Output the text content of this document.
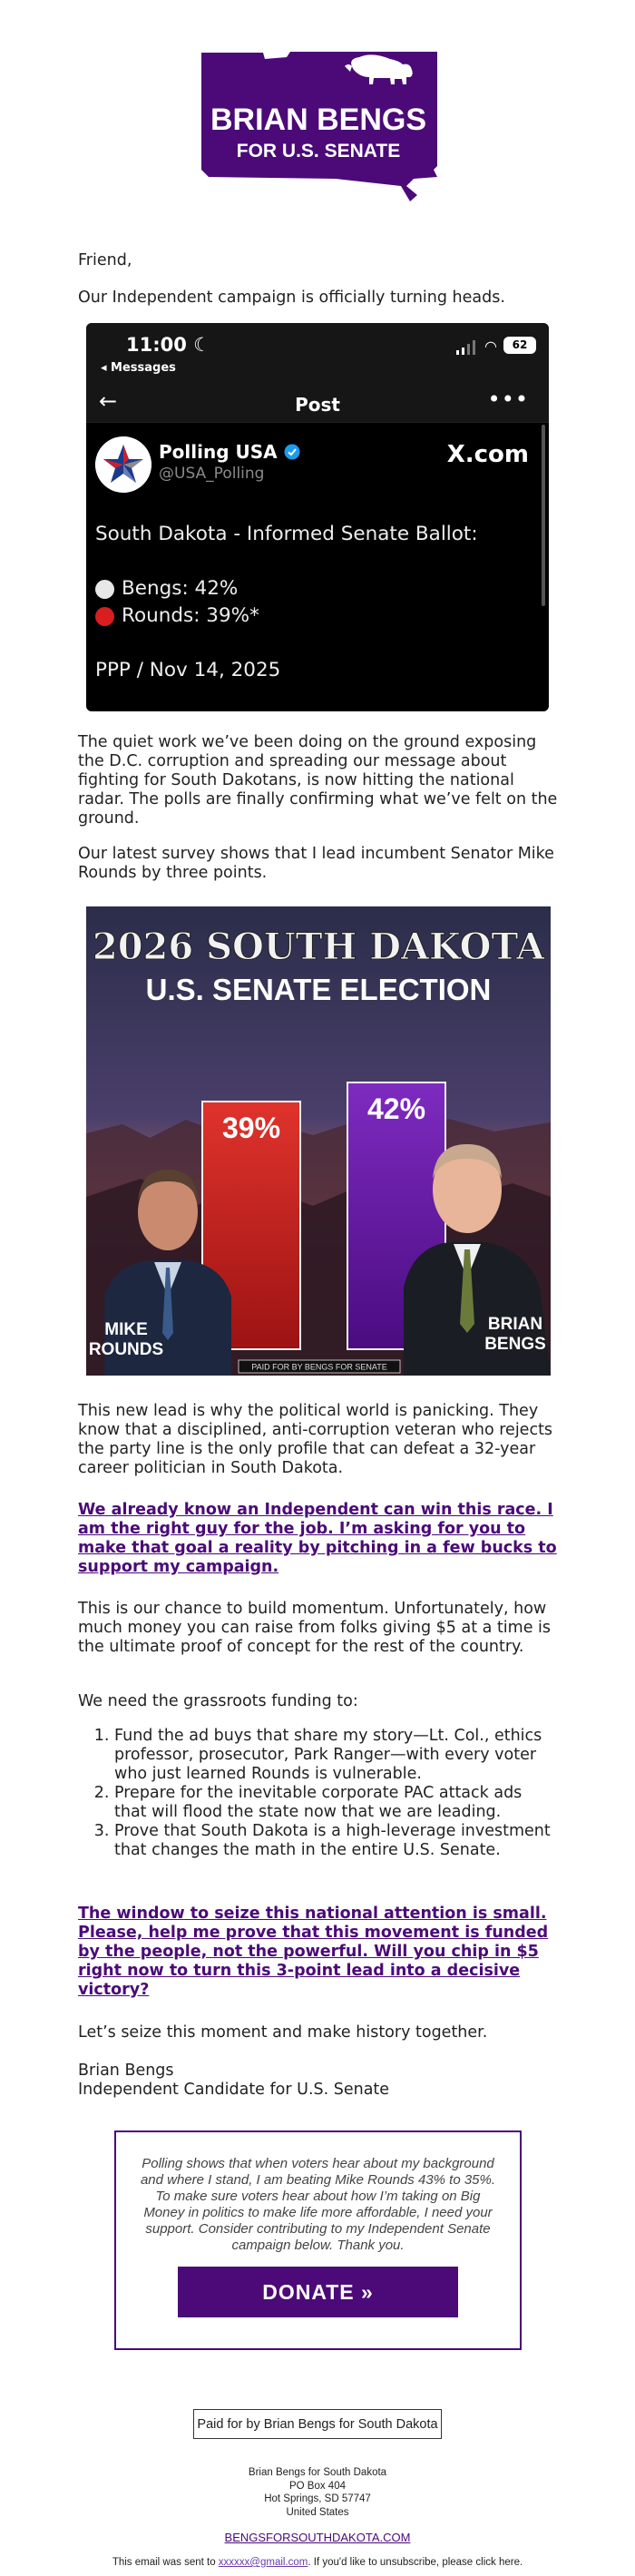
BRIAN BENGS
FOR U.S. SENATE
Friend,
Our Independent campaign is officially turning heads.
11:00 ☾
◂ Messages
◠	62
←	Post	•••
Polling USA
@USA_Polling
X.com
South Dakota - Informed Senate Ballot:
Bengs: 42%
Rounds: 39%*
PPP / Nov 14, 2025
The quiet work we’ve been doing on the ground exposing the D.C. corruption and spreading our message about fighting for South Dakotans, is now hitting the national radar. The polls are finally confirming what we’ve felt on the ground.
Our latest survey shows that I lead incumbent Senator Mike Rounds by three points.
2026 SOUTH DAKOTA
U.S. SENATE ELECTION
39%
42%
MIKE
ROUNDS
BRIAN
BENGS
PAID FOR BY BENGS FOR SENATE
This new lead is why the political world is panicking. They know that a disciplined, anti-corruption veteran who rejects the party line is the only profile that can defeat a 32-year career politician in South Dakota.
We already know an Independent can win this race. I am the right guy for the job. I’m asking for you to make that goal a reality by pitching in a few bucks to support my campaign.
This is our chance to build momentum. Unfortunately, how much money you can raise from folks giving $5 at a time is the ultimate proof of concept for the rest of the country.
We need the grassroots funding to:
1. Fund the ad buys that share my story—Lt. Col., ethics professor, prosecutor, Park Ranger—with every voter who just learned Rounds is vulnerable.
2. Prepare for the inevitable corporate PAC attack ads that will flood the state now that we are leading.
3. Prove that South Dakota is a high-leverage investment that changes the math in the entire U.S. Senate.
The window to seize this national attention is small. Please, help me prove that this movement is funded by the people, not the powerful. Will you chip in $5 right now to turn this 3-point lead into a decisive victory?
Let’s seize this moment and make history together.
Brian Bengs
Independent Candidate for U.S. Senate
Polling shows that when voters hear about my background and where I stand, I am beating Mike Rounds 43% to 35%. To make sure voters hear about how I’m taking on Big Money in politics to make life more affordable, I need your support. Consider contributing to my Independent Senate campaign below. Thank you.
DONATE »
Paid for by Brian Bengs for South Dakota
Brian Bengs for South Dakota
PO Box 404
Hot Springs, SD 57747
United States
BENGSFORSOUTHDAKOTA.COM
This email was sent to xxxxxx@gmail.com. If you'd like to unsubscribe, please click here.
